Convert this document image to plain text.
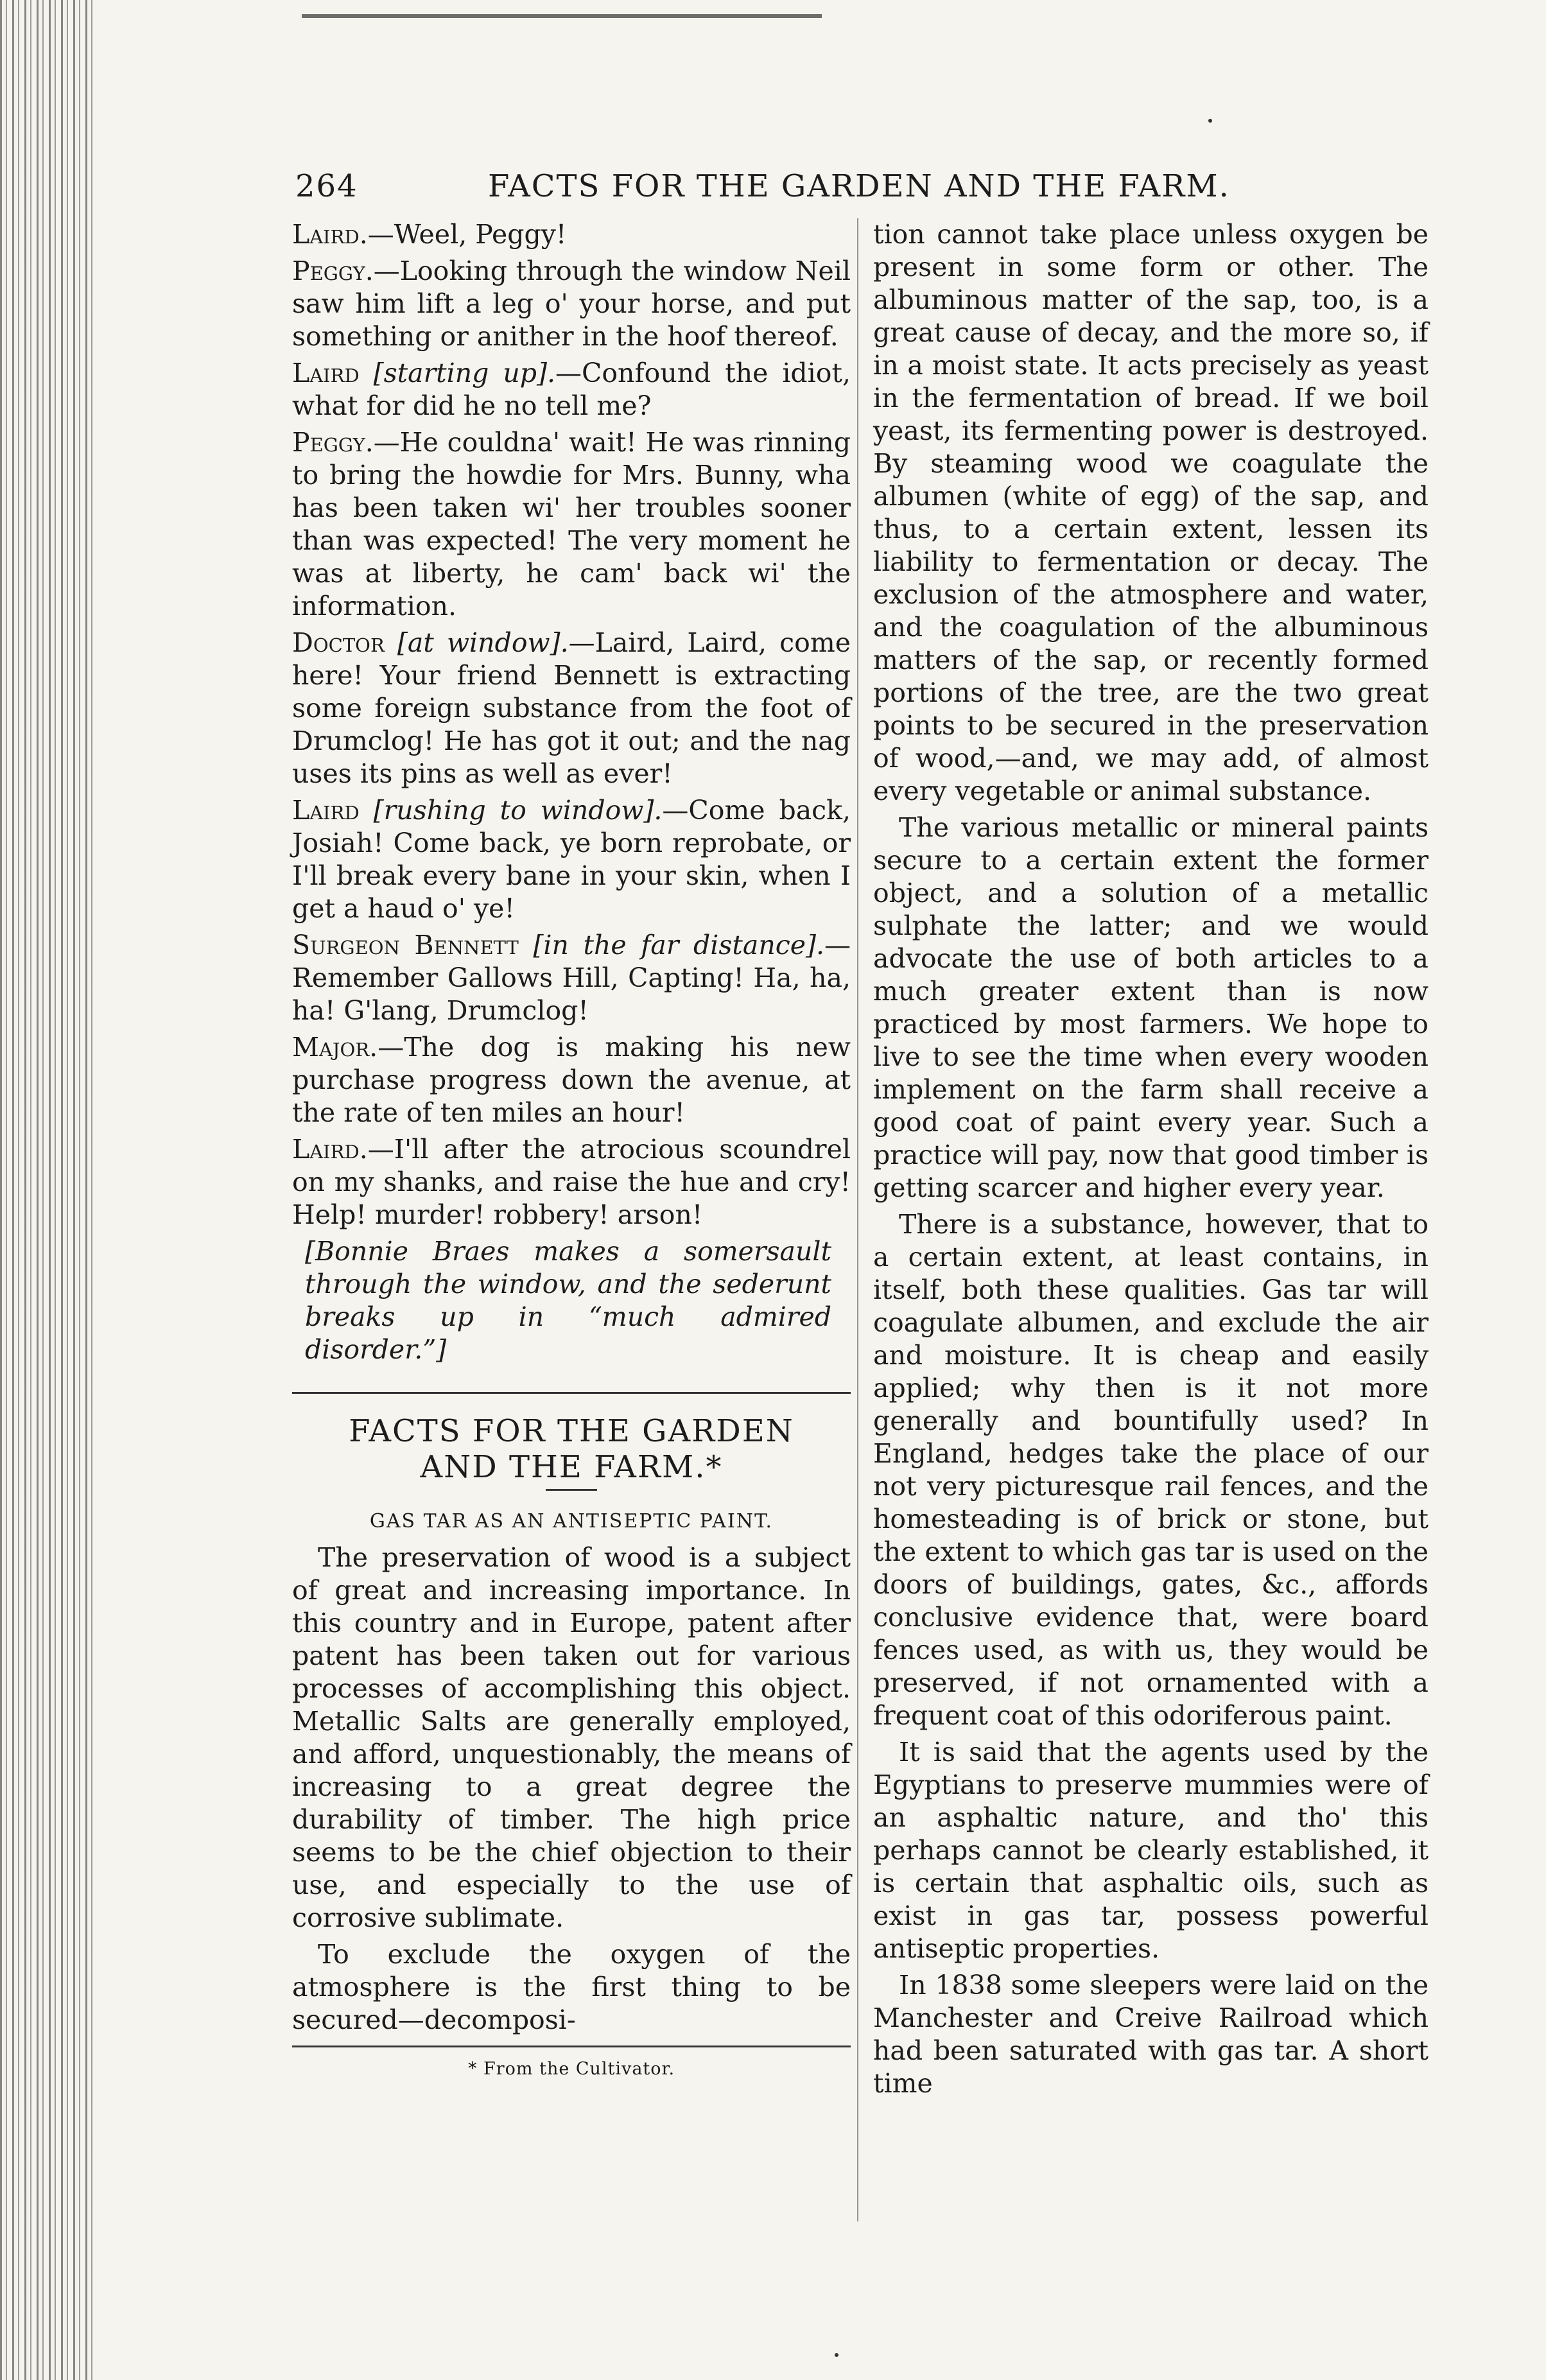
264	FACTS FOR THE GARDEN AND THE FARM.

Laird.—Weel, Peggy!

Peggy.—Looking through the window Neil saw him lift a leg o' your horse, and put something or anither in the hoof thereof.

Laird [starting up].—Confound the idiot, what for did he no tell me?

Peggy.—He couldna' wait! He was rinning to bring the howdie for Mrs. Bunny, wha has been taken wi' her troubles sooner than was expected! The very moment he was at liberty, he cam' back wi' the information.

Doctor [at window].—Laird, Laird, come here! Your friend Bennett is extracting some foreign substance from the foot of Drumclog! He has got it out; and the nag uses its pins as well as ever!

Laird [rushing to window].—Come back, Josiah! Come back, ye born reprobate, or I'll break every bane in your skin, when I get a haud o' ye!

Surgeon Bennett [in the far distance].—Remember Gallows Hill, Capting! Ha, ha, ha! G'lang, Drumclog!

Major.—The dog is making his new purchase progress down the avenue, at the rate of ten miles an hour!

Laird.—I'll after the atrocious scoundrel on my shanks, and raise the hue and cry! Help! murder! robbery! arson!

[Bonnie Braes makes a somersault through the window, and the sederunt breaks up in “much admired disorder.”]

FACTS FOR THE GARDEN AND THE FARM.*
GAS TAR AS AN ANTISEPTIC PAINT.

The preservation of wood is a subject of great and increasing importance. In this country and in Europe, patent after patent has been taken out for various processes of accomplishing this object. Metallic Salts are generally employed, and afford, unquestionably, the means of increasing to a great degree the durability of timber. The high price seems to be the chief objection to their use, and especially to the use of corrosive sublimate.

To exclude the oxygen of the atmosphere is the first thing to be secured—decomposi-

* From the Cultivator.

tion cannot take place unless oxygen be present in some form or other. The albuminous matter of the sap, too, is a great cause of decay, and the more so, if in a moist state. It acts precisely as yeast in the fermentation of bread. If we boil yeast, its fermenting power is destroyed. By steaming wood we coagulate the albumen (white of egg) of the sap, and thus, to a certain extent, lessen its liability to fermentation or decay. The exclusion of the atmosphere and water, and the coagulation of the albuminous matters of the sap, or recently formed portions of the tree, are the two great points to be secured in the preservation of wood,—and, we may add, of almost every vegetable or animal substance.

The various metallic or mineral paints secure to a certain extent the former object, and a solution of a metallic sulphate the latter; and we would advocate the use of both articles to a much greater extent than is now practiced by most farmers. We hope to live to see the time when every wooden implement on the farm shall receive a good coat of paint every year. Such a practice will pay, now that good timber is getting scarcer and higher every year.

There is a substance, however, that to a certain extent, at least contains, in itself, both these qualities. Gas tar will coagulate albumen, and exclude the air and moisture. It is cheap and easily applied; why then is it not more generally and bountifully used? In England, hedges take the place of our not very picturesque rail fences, and the homesteading is of brick or stone, but the extent to which gas tar is used on the doors of buildings, gates, &c., affords conclusive evidence that, were board fences used, as with us, they would be preserved, if not ornamented with a frequent coat of this odoriferous paint.

It is said that the agents used by the Egyptians to preserve mummies were of an asphaltic nature, and tho' this perhaps cannot be clearly established, it is certain that asphaltic oils, such as exist in gas tar, possess powerful antiseptic properties.

In 1838 some sleepers were laid on the Manchester and Creive Railroad which had been saturated with gas tar. A short time
